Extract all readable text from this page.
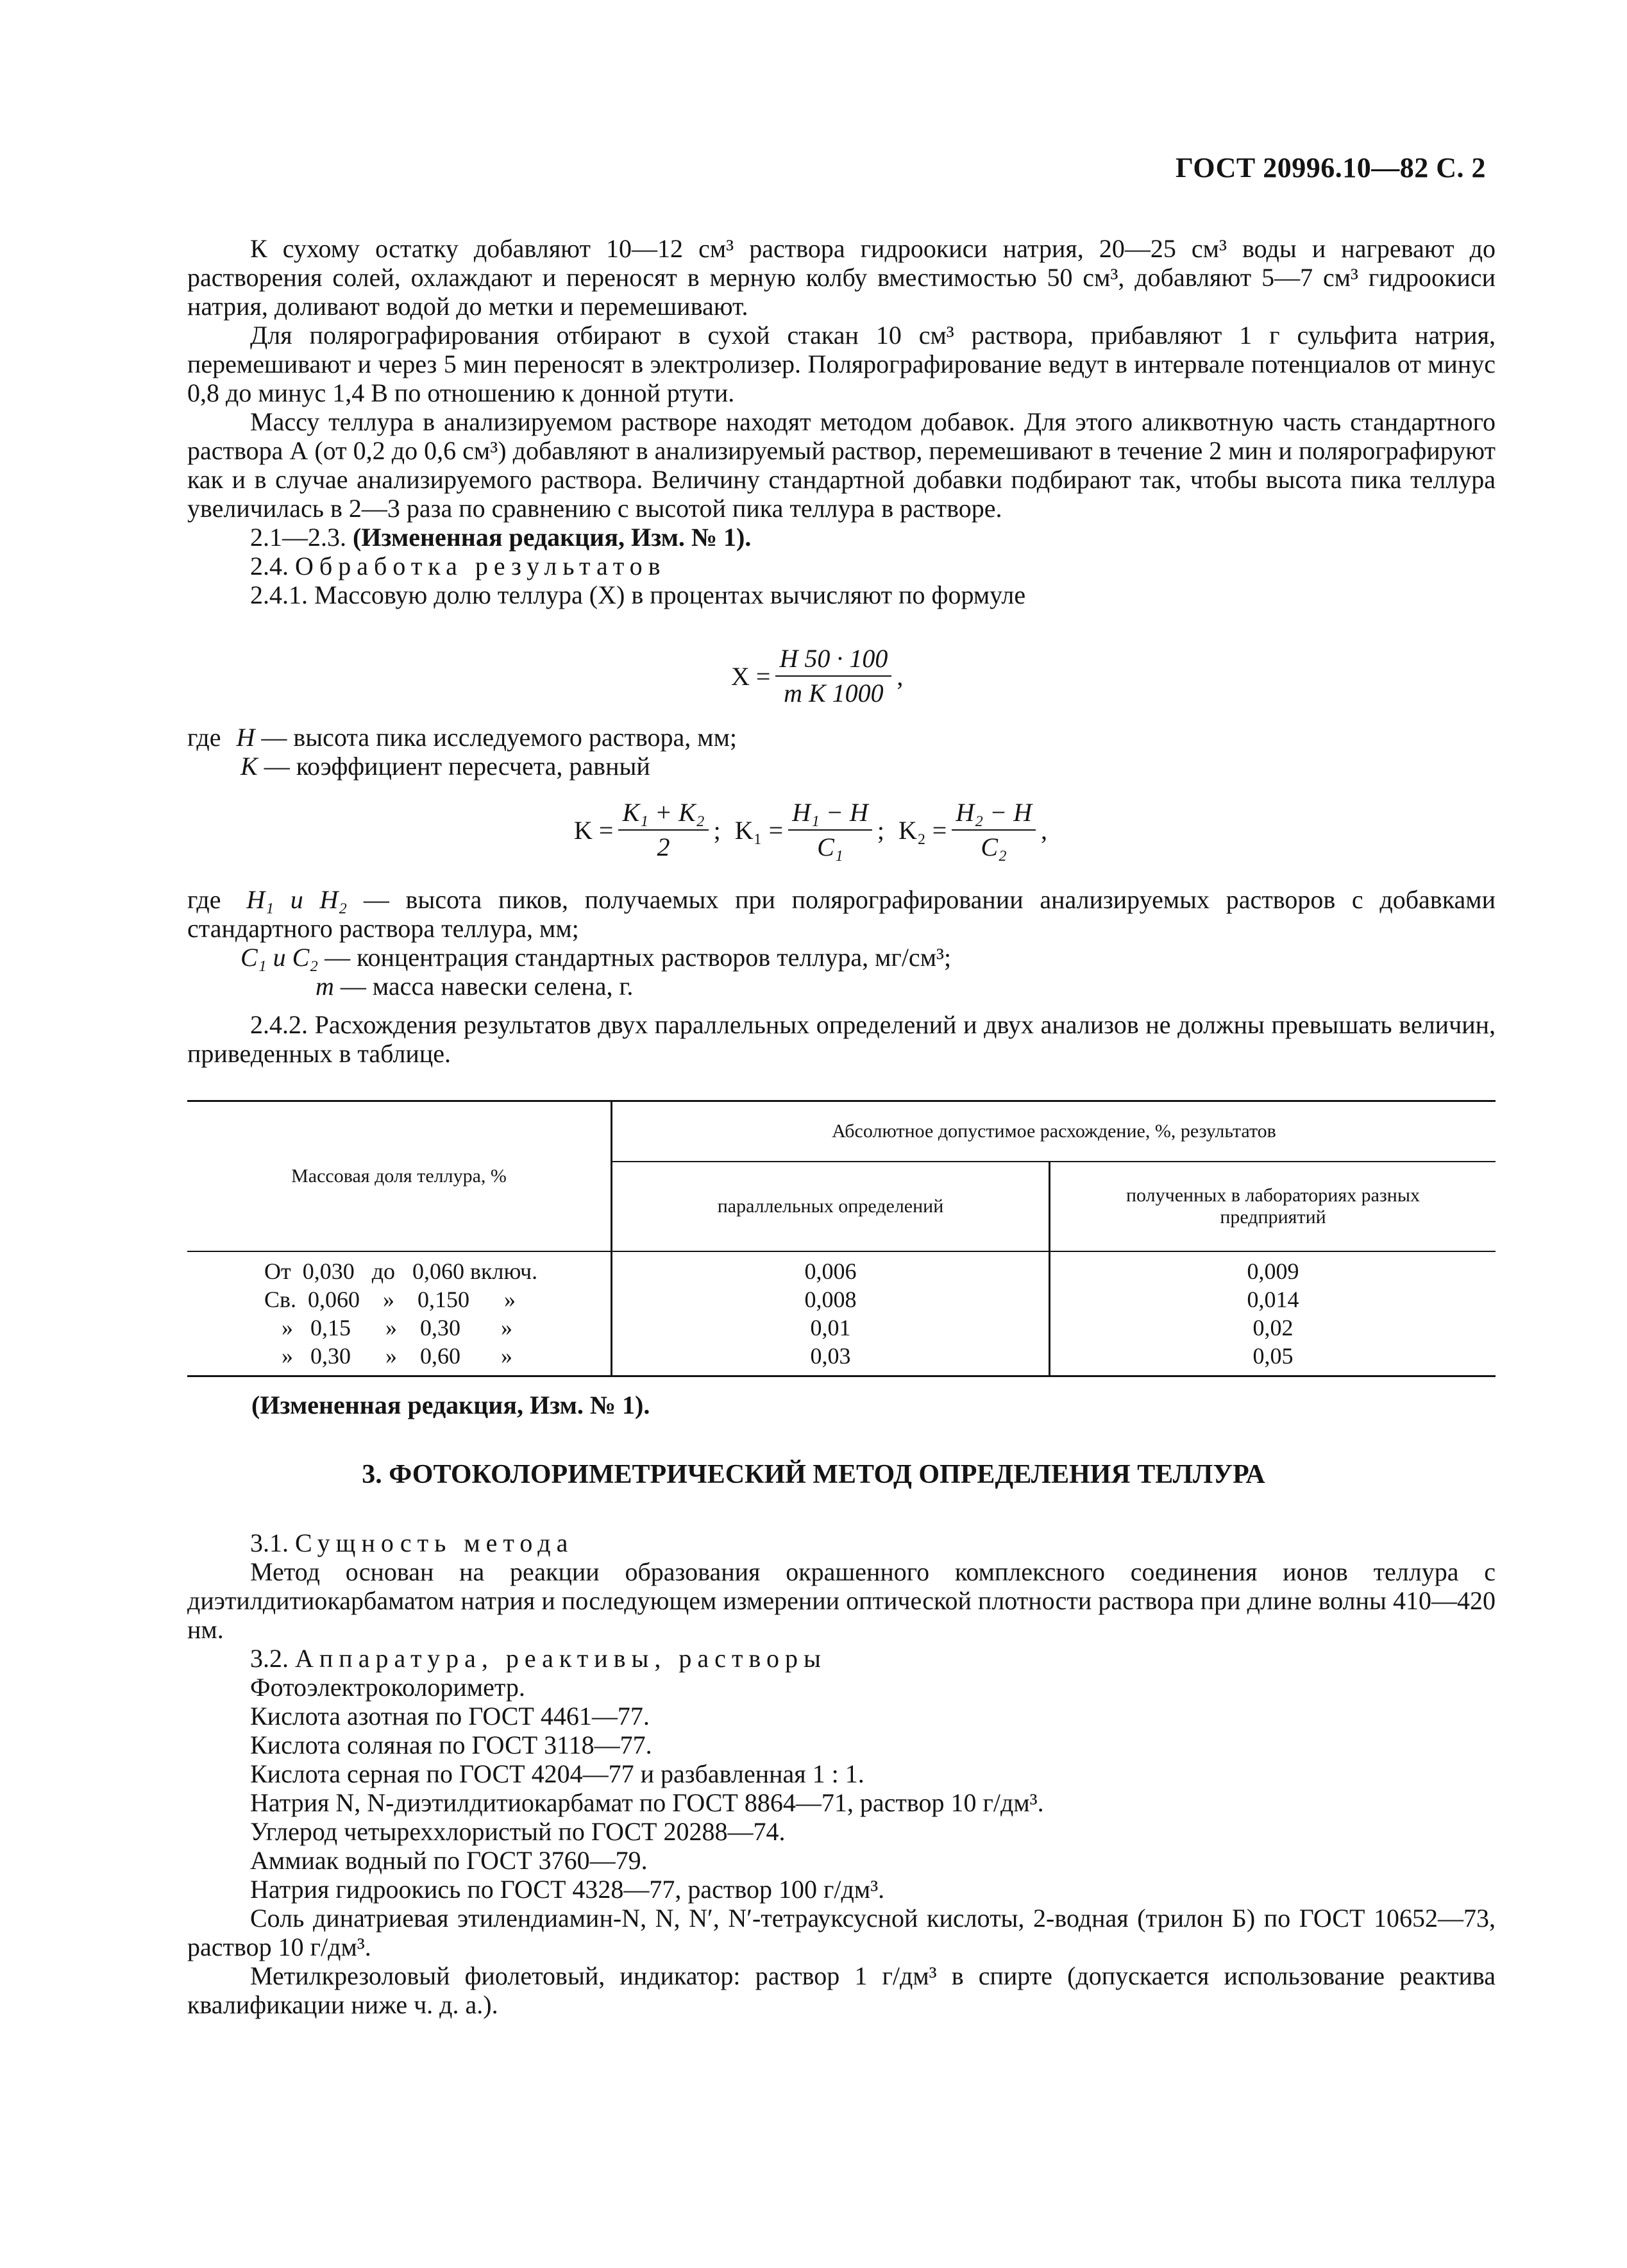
ГОСТ 20996.10—82 С. 2

К сухому остатку добавляют 10—12 см³ раствора гидроокиси натрия, 20—25 см³ воды и нагревают до растворения солей, охлаждают и переносят в мерную колбу вместимостью 50 см³, добавляют 5—7 см³ гидроокиси натрия, доливают водой до метки и перемешивают.

Для полярографирования отбирают в сухой стакан 10 см³ раствора, прибавляют 1 г сульфита натрия, перемешивают и через 5 мин переносят в электролизер. Полярографирование ведут в интервале потенциалов от минус 0,8 до минус 1,4 В по отношению к донной ртути.

Массу теллура в анализируемом растворе находят методом добавок. Для этого аликвотную часть стандартного раствора А (от 0,2 до 0,6 см³) добавляют в анализируемый раствор, перемешивают в течение 2 мин и полярографируют как и в случае анализируемого раствора. Величину стандартной добавки подбирают так, чтобы высота пика теллура увеличилась в 2—3 раза по сравнению с высотой пика теллура в растворе.

2.1—2.3. (Измененная редакция, Изм. № 1).

2.4. Обработка результатов

2.4.1. Массовую долю теллура (X) в процентах вычисляют по формуле

$X = \frac{H 50 \cdot 100}{\text{m K 1000}}$ ,
где H — высота пика исследуемого раствора, мм;
K — коэффициент пересчета, равный
$K = \frac{\text{K₁ + K₂}}{2}$ ; $K_1 = \frac{\text{H₁ − H}}{\text{C₁}}$ ; $K_2 = \frac{\text{H₂ − H}}{\text{C₂}}$ ,

где H₁ и H₂ — высота пиков, получаемых при полярографировании анализируемых растворов с добавками стандартного раствора теллура, мм;

C₁ и C₂ — концентрация стандартных растворов теллура, мг/см³;
m — масса навески селена, г.

2.4.2. Расхождения результатов двух параллельных определений и двух анализов не должны превышать величин, приведенных в таблице.

Массовая доля теллура, %	Абсолютное допустимое расхождение, %, результатов	
	параллельных определений	полученных в лабораториях разных предприятий
От  0,030   до   0,060 включ.	0,006	0,009
Св.  0,060    »    0,150      »	0,008	0,014
»   0,15      »    0,30       »	0,01	0,02
»   0,30      »    0,60       »	0,03	0,05

(Измененная редакция, Изм. № 1).

3. ФОТОКОЛОРИМЕТРИЧЕСКИЙ МЕТОД ОПРЕДЕЛЕНИЯ ТЕЛЛУРА

3.1. Сущность метода

Метод основан на реакции образования окрашенного комплексного соединения ионов теллура с диэтилдитиокарбаматом натрия и последующем измерении оптической плотности раствора при длине волны 410—420 нм.

3.2. Аппаратура, реактивы, растворы

Фотоэлектроколориметр.

Кислота азотная по ГОСТ 4461—77.

Кислота соляная по ГОСТ 3118—77.

Кислота серная по ГОСТ 4204—77 и разбавленная 1 : 1.

Натрия N, N-диэтилдитиокарбамат по ГОСТ 8864—71, раствор 10 г/дм³.

Углерод четыреххлористый по ГОСТ 20288—74.

Аммиак водный по ГОСТ 3760—79.

Натрия гидроокись по ГОСТ 4328—77, раствор 100 г/дм³.

Соль динатриевая этилендиамин-N, N, N′, N′-тетрауксусной кислоты, 2-водная (трилон Б) по ГОСТ 10652—73, раствор 10 г/дм³.

Метилкрезоловый фиолетовый, индикатор: раствор 1 г/дм³ в спирте (допускается использование реактива квалификации ниже ч. д. а.).
